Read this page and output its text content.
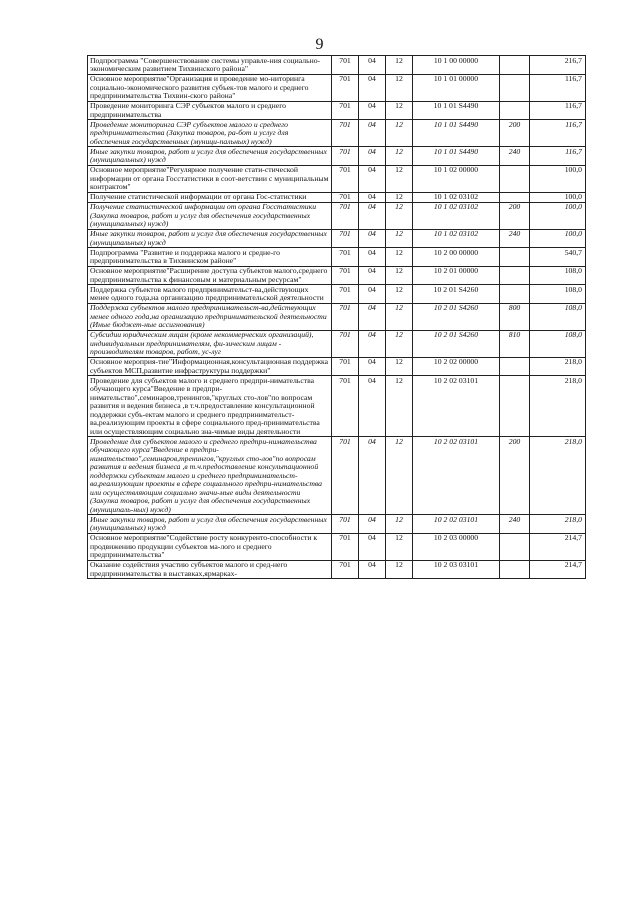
9
Подпрограмма "Совершенствование системы управле-ния социально-экономическим развитием Тихвинского района"	701	04	12	10 1 00 00000		216,7
Основное мероприятие"Организация и проведение мо-ниторинга социально-экономического развития субъек-тов малого и среднего предпринимательства Тихвин-ского района"	701	04	12	10 1 01 00000		116,7
Проведение мониторинга СЭР субъектов малого и среднего предпринимательства	701	04	12	10 1 01 S4490		116,7
Проведение мониторинга СЭР субъектов малого и среднего предпринимательства (Закупка товаров, ра-бот и услуг для обеспечения государственных (муници-пальных) нужд)	701	04	12	10 1 01 S4490	200	116,7
Иные закупки товаров, работ и услуг для обеспечения государственных (муниципальных) нужд	701	04	12	10 1 01 S4490	240	116,7
Основное мероприятие"Регулярное получение стати-стической информации от органа Госстатистики в соот-ветствии с муниципальным контрактом"	701	04	12	10 1 02 00000		100,0
Получение статистической информации от органа Гос-статистики	701	04	12	10 1 02 03102		100,0
Получение статистической информации от органа Госстатистики (Закупка товаров, работ и услуг для обеспечения государственных (муниципальных) нужд)	701	04	12	10 1 02 03102	200	100,0
Иные закупки товаров, работ и услуг для обеспечения государственных (муниципальных) нужд	701	04	12	10 1 02 03102	240	100,0
Подпрограмма "Развитие и поддержка малого и средне-го предпринимательства в Тихвинском районе"	701	04	12	10 2 00 00000		540,7
Основное мероприятие"Расширение доступа субъектов малого,среднего предпринимательства к финансовым и материальным ресурсам"	701	04	12	10 2 01 00000		108,0
Поддержка субъектов малого предпринимательст-ва,действующих менее одного года,на организацию предпринимательской деятельности	701	04	12	10 2 01 S4260		108,0
Поддержка субъектов малого предпринимательст-ва,действующих менее одного года,на организацию предпринимательской деятельности (Иные бюджет-ные ассигнования)	701	04	12	10 2 01 S4260	800	108,0
Субсидии юридическим лицам (кроме некоммерческих организаций), индивидуальным предпринимателям, фи-зическим лицам - производителям товаров, работ, ус-луг	701	04	12	10 2 01 S4260	810	108,0
Основное мероприя-тие"Информационная,консультационная поддержка субъектов МСП,развитие инфраструктуры поддержки"	701	04	12	10 2 02 00000		218,0
Проведение для субъектов малого и среднего предпри-нимательства обучающего курса"Введение в предпри-нимательство",семинаров,тренингов,"круглых сто-лов"по вопросам развития и ведения бизнеса ,в т.ч.предоставление консультационной поддержки субъ-ектам малого и среднего предпринимательст-ва,реализующим проекты в сфере социального пред-принимательства или осуществляющим социально зна-чимые виды деятельности	701	04	12	10 2 02 03101		218,0
Проведение для субъектов малого и среднего предпри-нимательства обучающего курса"Введение в предпри-нимательство",семинаров,тренингов,"круглых сто-лов"по вопросам развития и ведения бизнеса ,в т.ч.предоставление консультационной поддержки субъектам малого и среднего предпринимательст-ва,реализующим проекты в сфере социального предпри-нимательства или осуществляющим социально значи-мые виды деятельности (Закупка товаров, работ и услуг для обеспечения государственных (муниципаль-ных) нужд)	701	04	12	10 2 02 03101	200	218,0
Иные закупки товаров, работ и услуг для обеспечения государственных (муниципальных) нужд	701	04	12	10 2 02 03101	240	218,0
Основное мероприятие"Содействие росту конкуренто-способности к продвижению продукции субъектов ма-лого и среднего предпринимательства"	701	04	12	10 2 03 00000		214,7
Оказание содействия участию субъектов малого и сред-него предпринимательства в выставках,ярмарках-	701	04	12	10 2 03 03101		214,7
